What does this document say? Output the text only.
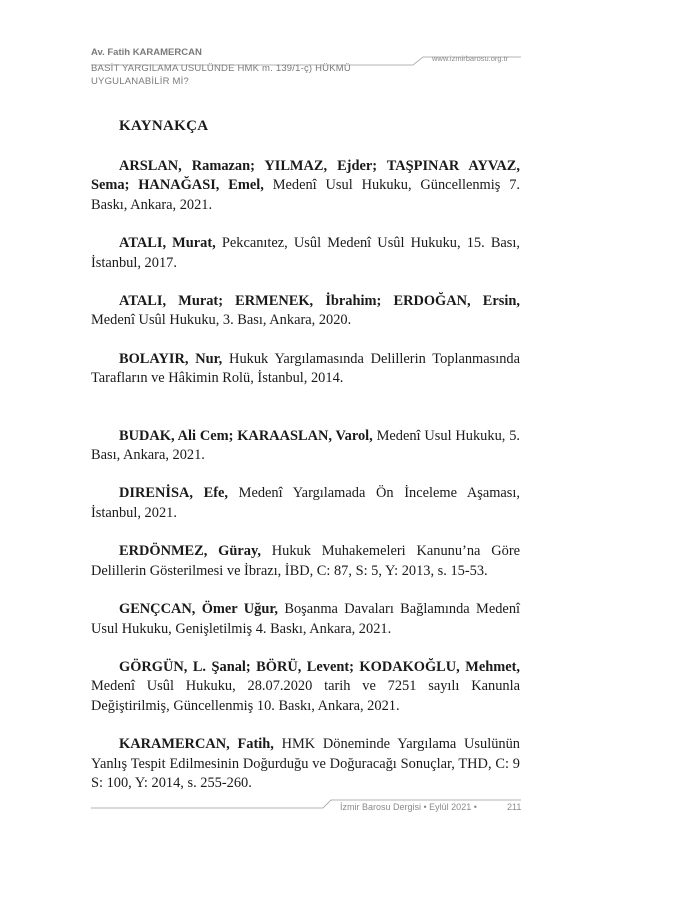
Av. Fatih KARAMERCAN
BASİT YARGILAMA USULÜNDE HMK m. 139/1-ç) HÜKMÜ UYGULANABİLİR Mİ?
www.izmirbarosu.org.tr
KAYNAKÇA

ARSLAN, Ramazan; YILMAZ, Ejder; TAŞPINAR AYVAZ, Sema; HANAĞASI, Emel, Medenî Usul Hukuku, Güncellenmiş 7. Baskı, Ankara, 2021.

ATALI, Murat, Pekcanıtez, Usûl Medenî Usûl Hukuku, 15. Bası, İstanbul, 2017.

ATALI, Murat; ERMENEK, İbrahim; ERDOĞAN, Ersin, Medenî Usûl Hukuku, 3. Bası, Ankara, 2020.

BOLAYIR, Nur, Hukuk Yargılamasında Delillerin Toplanmasında Tarafların ve Hâkimin Rolü, İstanbul, 2014.

BUDAK, Ali Cem; KARAASLAN, Varol, Medenî Usul Hukuku, 5. Bası, Ankara, 2021.

DIRENİSA, Efe, Medenî Yargılamada Ön İnceleme Aşaması, İstanbul, 2021.

ERDÖNMEZ, Güray, Hukuk Muhakemeleri Kanunu’na Göre Delillerin Gösterilmesi ve İbrazı, İBD, C: 87, S: 5, Y: 2013, s. 15-53.

GENÇCAN, Ömer Uğur, Boşanma Davaları Bağlamında Medenî Usul Hukuku, Genişletilmiş 4. Baskı, Ankara, 2021.

GÖRGÜN, L. Şanal; BÖRÜ, Levent; KODAKOĞLU, Mehmet, Medenî Usûl Hukuku, 28.07.2020 tarih ve 7251 sayılı Kanunla Değiştirilmiş, Güncellenmiş 10. Baskı, Ankara, 2021.

KARAMERCAN, Fatih, HMK Döneminde Yargılama Usulünün Yanlış Tespit Edilmesinin Doğurduğu ve Doğuracağı Sonuçlar, THD, C: 9 S: 100, Y: 2014, s. 255-260.

İzmir Barosu Dergisi • Eylül 2021 •	211
